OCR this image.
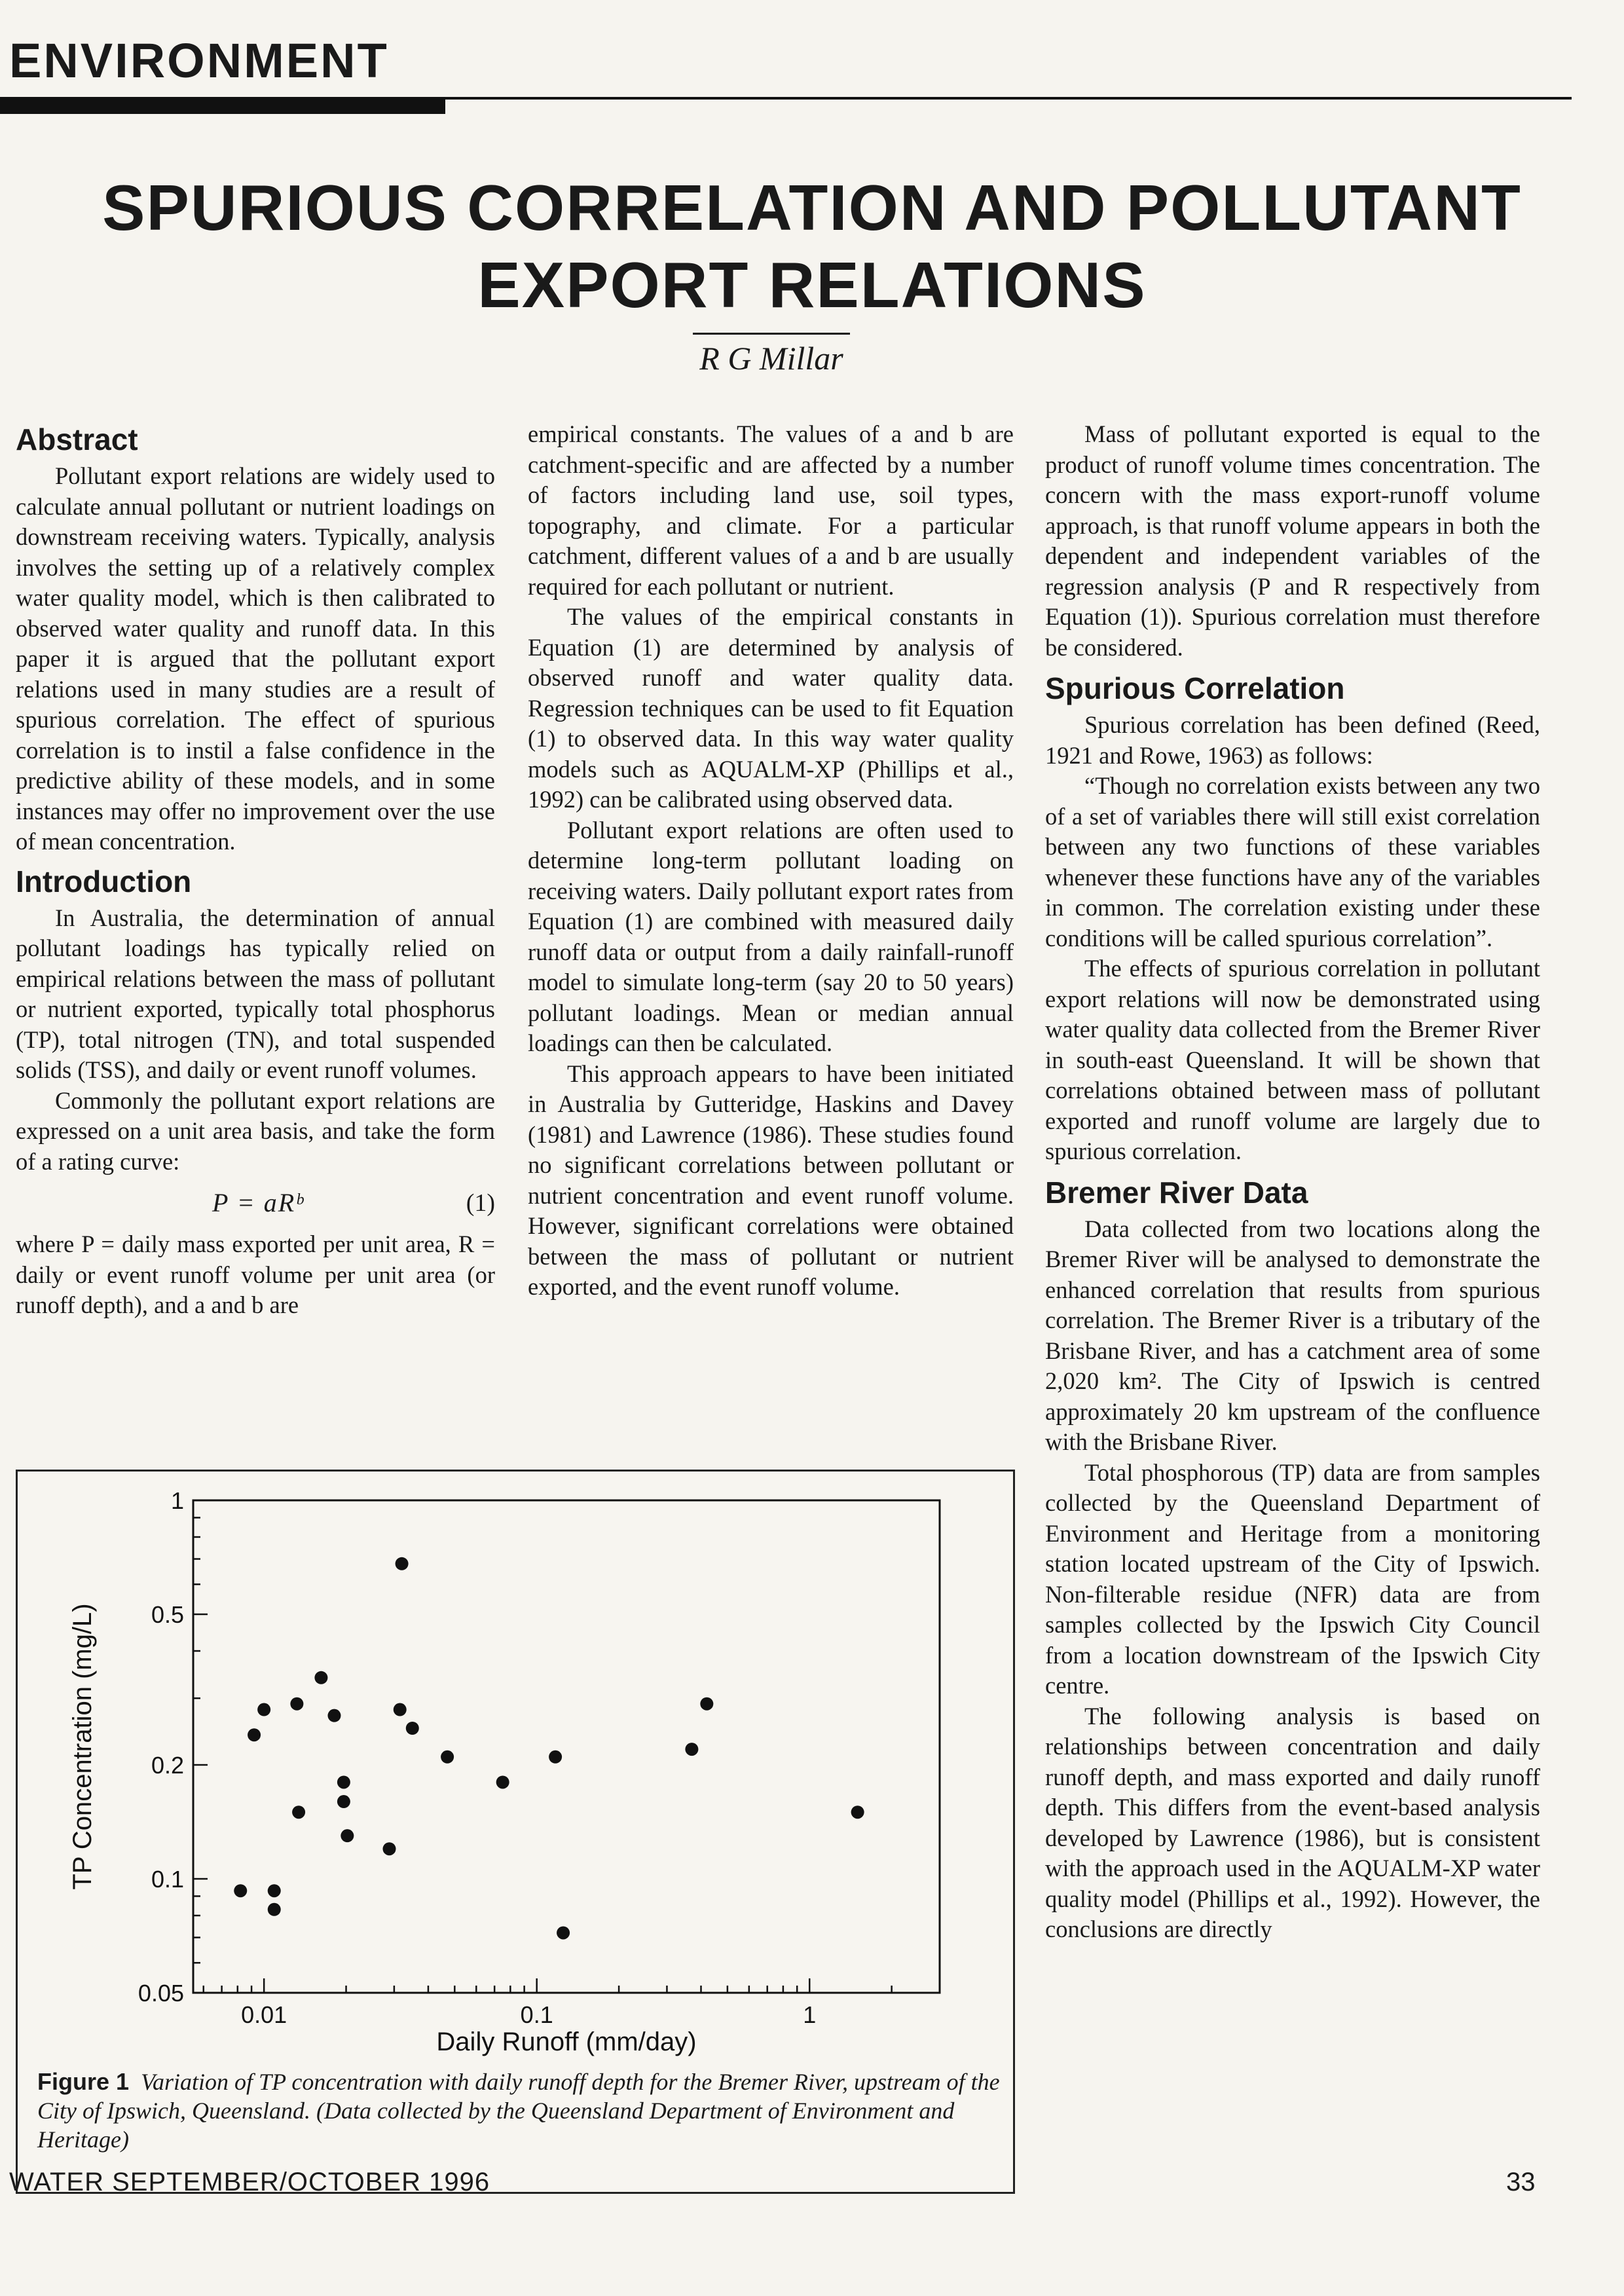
ENVIRONMENT
SPURIOUS CORRELATION AND POLLUTANT
EXPORT RELATIONS
R G Millar
Abstract

Pollutant export relations are widely used to calculate annual pollutant or nutrient loadings on downstream receiving waters. Typically, analysis involves the setting up of a relatively complex water quality model, which is then calibrated to observed water quality and runoff data. In this paper it is argued that the pollutant export relations used in many studies are a result of spurious correlation. The effect of spurious correlation is to instil a false confidence in the predictive ability of these models, and in some instances may offer no improvement over the use of mean concentration.

Introduction

In Australia, the determination of annual pollutant loadings has typically relied on empirical relations between the mass of pollutant or nutrient exported, typically total phosphorus (TP), total nitrogen (TN), and total suspended solids (TSS), and daily or event runoff volumes.

Commonly the pollutant export relations are expressed on a unit area basis, and take the form of a rating curve:

P = aRᵇ	(1)

where P = daily mass exported per unit area, R = daily or event runoff volume per unit area (or runoff depth), and a and b are

empirical constants. The values of a and b are catchment-specific and are affected by a number of factors including land use, soil types, topography, and climate. For a particular catchment, different values of a and b are usually required for each pollutant or nutrient.

The values of the empirical constants in Equation (1) are determined by analysis of observed runoff and water quality data. Regression techniques can be used to fit Equation (1) to observed data. In this way water quality models such as AQUALM-XP (Phillips et al., 1992) can be calibrated using observed data.

Pollutant export relations are often used to determine long-term pollutant loading on receiving waters. Daily pollutant export rates from Equation (1) are combined with measured daily runoff data or output from a daily rainfall-runoff model to simulate long-term (say 20 to 50 years) pollutant loadings. Mean or median annual loadings can then be calculated.

This approach appears to have been initiated in Australia by Gutteridge, Haskins and Davey (1981) and Lawrence (1986). These studies found no significant correlations between pollutant or nutrient concentration and event runoff volume. However, significant correlations were obtained between the mass of pollutant or nutrient exported, and the event runoff volume.

Mass of pollutant exported is equal to the product of runoff volume times concentration. The concern with the mass export-runoff volume approach, is that runoff volume appears in both the dependent and independent variables of the regression analysis (P and R respectively from Equation (1)). Spurious correlation must therefore be considered.

Spurious Correlation

Spurious correlation has been defined (Reed, 1921 and Rowe, 1963) as follows:

“Though no correlation exists between any two of a set of variables there will still exist correlation between any two functions of these variables whenever these functions have any of the variables in common. The correlation existing under these conditions will be called spurious correlation”.

The effects of spurious correlation in pollutant export relations will now be demonstrated using water quality data collected from the Bremer River in south-east Queensland. It will be shown that correlations obtained between mass of pollutant exported and runoff volume are largely due to spurious correlation.

Bremer River Data

Data collected from two locations along the Bremer River will be analysed to demonstrate the enhanced correlation that results from spurious correlation. The Bremer River is a tributary of the Brisbane River, and has a catchment area of some 2,020 km². The City of Ipswich is centred approximately 20 km upstream of the confluence with the Brisbane River.

Total phosphorous (TP) data are from samples collected by the Queensland Department of Environment and Heritage from a monitoring station located upstream of the City of Ipswich. Non-filterable residue (NFR) data are from samples collected by the Ipswich City Council from a location downstream of the Ipswich City centre.

The following analysis is based on relationships between concentration and daily runoff depth, and mass exported and daily runoff depth. This differs from the event-based analysis developed by Lawrence (1986), but is consistent with the approach used in the AQUALM-XP water quality model (Phillips et al., 1992). However, the conclusions are directly

0.01	0.1	1
0.05
0.1
0.2
0.5
1
Daily Runoff (mm/day)
TP Concentration (mg/L)
Figure 1 Variation of TP concentration with daily runoff depth for the Bremer River, upstream of the City of Ipswich, Queensland. (Data collected by the Queensland Department of Environment and Heritage)
WATER SEPTEMBER/OCTOBER 1996	33
